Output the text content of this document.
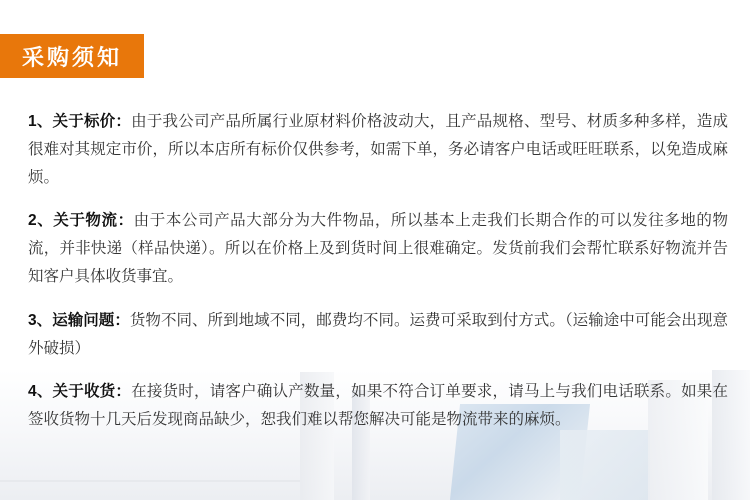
采购须知

1、关于标价：由于我公司产品所属行业原材料价格波动大，且产品规格、型号、材质多种多样，造成很难对其规定市价，所以本店所有标价仅供参考，如需下单，务必请客户电话或旺旺联系，以免造成麻烦。

2、关于物流：由于本公司产品大部分为大件物品，所以基本上走我们长期合作的可以发往多地的物流，并非快递（样品快递）。所以在价格上及到货时间上很难确定。发货前我们会帮忙联系好物流并告知客户具体收货事宜。

3、运输问题：货物不同、所到地域不同，邮费均不同。运费可采取到付方式。（运输途中可能会出现意外破损）

4、关于收货：在接货时，请客户确认产数量，如果不符合订单要求，请马上与我们电话联系。如果在签收货物十几天后发现商品缺少，恕我们难以帮您解决可能是物流带来的麻烦。
